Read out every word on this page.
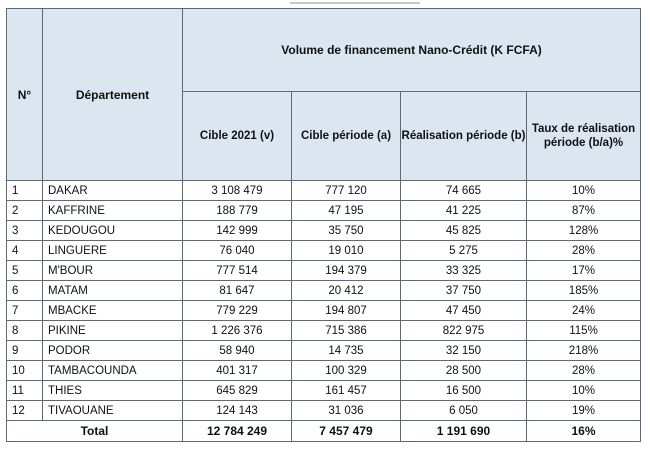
N°	Département	Volume de financement Nano-Crédit (K FCFA)			
		Cible 2021 (v)	Cible période (a)	Réalisation période (b)	Taux de réalisation période (b/a)%
1	DAKAR	3 108 479	777 120	74 665	10%
2	KAFFRINE	188 779	47 195	41 225	87%
3	KEDOUGOU	142 999	35 750	45 825	128%
4	LINGUERE	76 040	19 010	5 275	28%
5	M'BOUR	777 514	194 379	33 325	17%
6	MATAM	81 647	20 412	37 750	185%
7	MBACKE	779 229	194 807	47 450	24%
8	PIKINE	1 226 376	715 386	822 975	115%
9	PODOR	58 940	14 735	32 150	218%
10	TAMBACOUNDA	401 317	100 329	28 500	28%
11	THIES	645 829	161 457	16 500	10%
12	TIVAOUANE	124 143	31 036	6 050	19%
Total		12 784 249	7 457 479	1 191 690	16%
